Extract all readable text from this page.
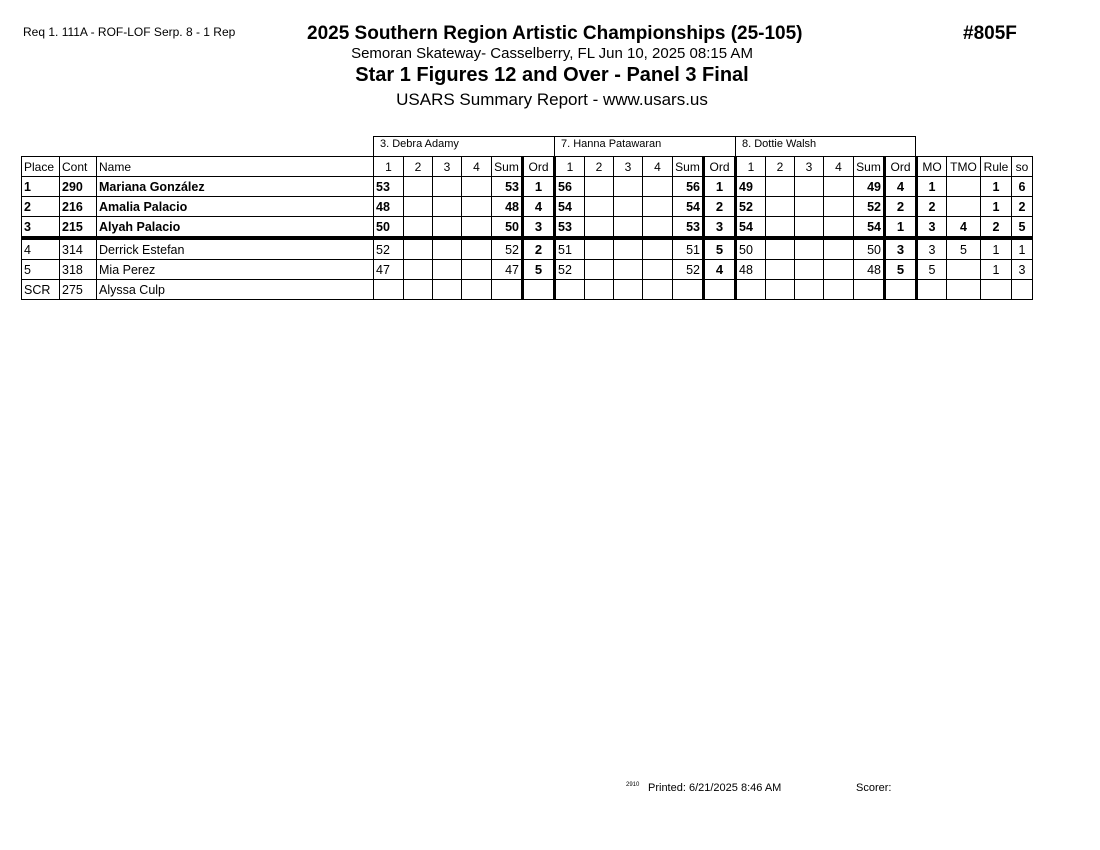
Req 1. 111A - ROF-LOF Serp. 8 - 1 Rep	2025 Southern Region Artistic Championships (25-105)	#805F
Semoran Skateway- Casselberry, FL Jun 10, 2025 08:15 AM
Star 1 Figures 12 and Over - Panel 3 Final
USARS Summary Report - www.usars.us
3. Debra Adamy	7. Hanna Patawaran	8. Dottie Walsh
Place	Cont	Name	1	2	3	4	Sum	Ord	1	2	3	4	Sum	Ord	1	2	3	4	Sum	Ord	MO	TMO	Rule	so
1	290	Mariana González	53				53	1	56				56	1	49				49	4	1		1	6
2	216	Amalia Palacio	48				48	4	54				54	2	52				52	2	2		1	2
3	215	Alyah Palacio	50				50	3	53				53	3	54				54	1	3	4	2	5
4	314	Derrick Estefan	52				52	2	51				51	5	50				50	3	3	5	1	1
5	318	Mia Perez	47				47	5	52				52	4	48				48	5	5		1	3
SCR	275	Alyssa Culp																						
2910 Printed: 6/21/2025 8:46 AM	Scorer:
